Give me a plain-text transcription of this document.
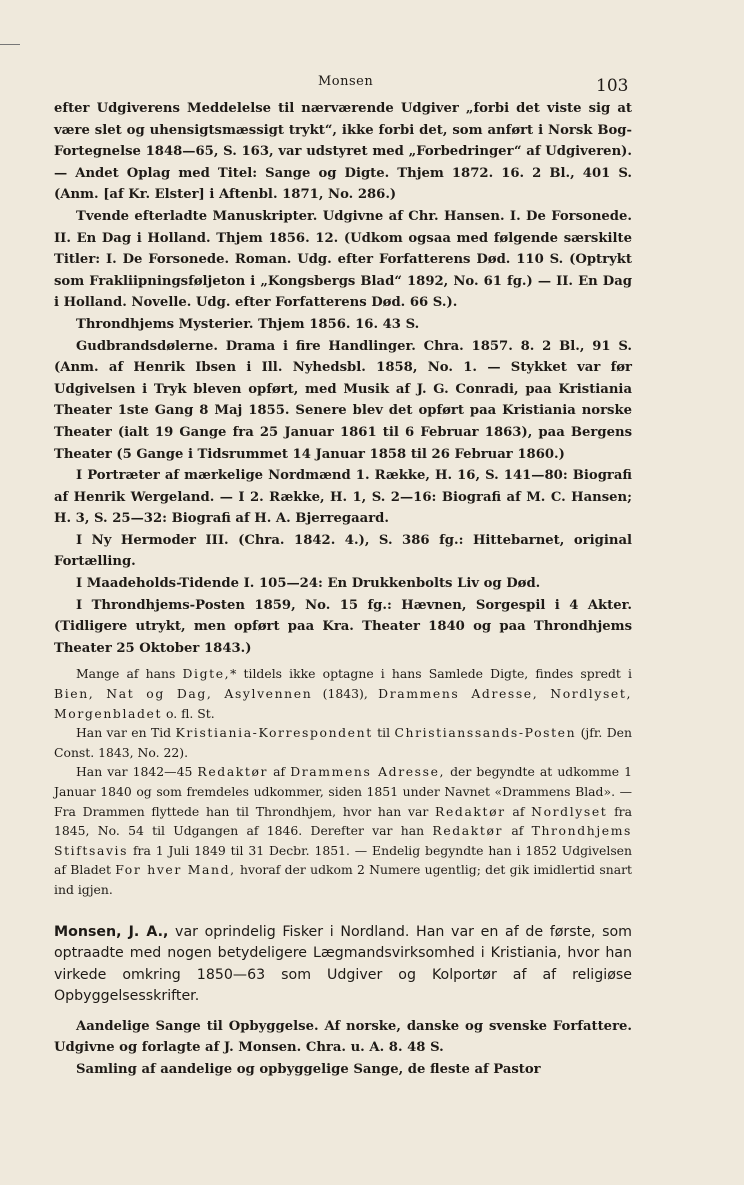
Monsen	103

efter Udgiverens Meddelelse til nærværende Udgiver „forbi det viste sig at være slet og uhensigtsmæssigt trykt“, ikke forbi det, som anført i Norsk Bog-Fortegnelse 1848—65, S. 163, var udstyret med „Forbedringer“ af Udgiveren). — Andet Oplag med Titel: Sange og Digte. Thjem 1872. 16. 2 Bl., 401 S. (Anm. [af Kr. Elster] i Aftenbl. 1871, No. 286.)

Tvende efterladte Manuskripter. Udgivne af Chr. Hansen. I. De Forsonede. II. En Dag i Holland. Thjem 1856. 12. (Udkom ogsaa med følgende særskilte Titler: I. De Forsonede. Roman. Udg. efter Forfatterens Død. 110 S. (Optrykt som Frakliipningsføljeton i „Kongsbergs Blad“ 1892, No. 61 fg.) — II. En Dag i Holland. Novelle. Udg. efter Forfatterens Død. 66 S.).

Throndhjems Mysterier. Thjem 1856. 16. 43 S.

Gudbrandsdølerne. Drama i fire Handlinger. Chra. 1857. 8. 2 Bl., 91 S. (Anm. af Henrik Ibsen i Ill. Nyhedsbl. 1858, No. 1. — Stykket var før Udgivelsen i Tryk bleven opført, med Musik af J. G. Conradi, paa Kristiania Theater 1ste Gang 8 Maj 1855. Senere blev det opført paa Kristiania norske Theater (ialt 19 Gange fra 25 Januar 1861 til 6 Februar 1863), paa Bergens Theater (5 Gange i Tidsrummet 14 Januar 1858 til 26 Februar 1860.)

I Portræter af mærkelige Nordmænd 1. Række, H. 16, S. 141—80: Biografi af Henrik Wergeland. — I 2. Række, H. 1, S. 2—16: Biografi af M. C. Hansen; H. 3, S. 25—32: Biografi af H. A. Bjerregaard.

I Ny Hermoder III. (Chra. 1842. 4.), S. 386 fg.: Hittebarnet, original Fortælling.

I Maadeholds-Tidende I. 105—24: En Drukkenbolts Liv og Død.

I Throndhjems-Posten 1859, No. 15 fg.: Hævnen, Sorgespil i 4 Akter. (Tidligere utrykt, men opført paa Kra. Theater 1840 og paa Throndhjems Theater 25 Oktober 1843.)

Mange af hans Digte,* tildels ikke optagne i hans Samlede Digte, findes spredt i Bien, Nat og Dag, Asylvennen (1843), Drammens Adresse, Nordlyset, Morgenbladet o. fl. St.

Han var en Tid Kristiania-Korrespondent til Christianssands-Posten (jfr. Den Const. 1843, No. 22).

Han var 1842—45 Redaktør af Drammens Adresse, der begyndte at udkomme 1 Januar 1840 og som fremdeles udkommer, siden 1851 under Navnet «Drammens Blad». — Fra Drammen flyttede han til Throndhjem, hvor han var Redaktør af Nordlyset fra 1845, No. 54 til Udgangen af 1846. Derefter var han Redaktør af Throndhjems Stiftsavis fra 1 Juli 1849 til 31 Decbr. 1851. — Endelig begyndte han i 1852 Udgivelsen af Bladet For hver Mand, hvoraf der udkom 2 Numere ugentlig; det gik imidlertid snart ind igjen.

Monsen, J. A., var oprindelig Fisker i Nordland. Han var en af de første, som optraadte med nogen betydeligere Lægmandsvirksomhed i Kristiania, hvor han virkede omkring 1850—63 som Udgiver og Kolportør af af religiøse Opbyggelsesskrifter.

Aandelige Sange til Opbyggelse. Af norske, danske og svenske Forfattere. Udgivne og forlagte af J. Monsen. Chra. u. A. 8. 48 S.

Samling af aandelige og opbyggelige Sange, de fleste af Pastor
